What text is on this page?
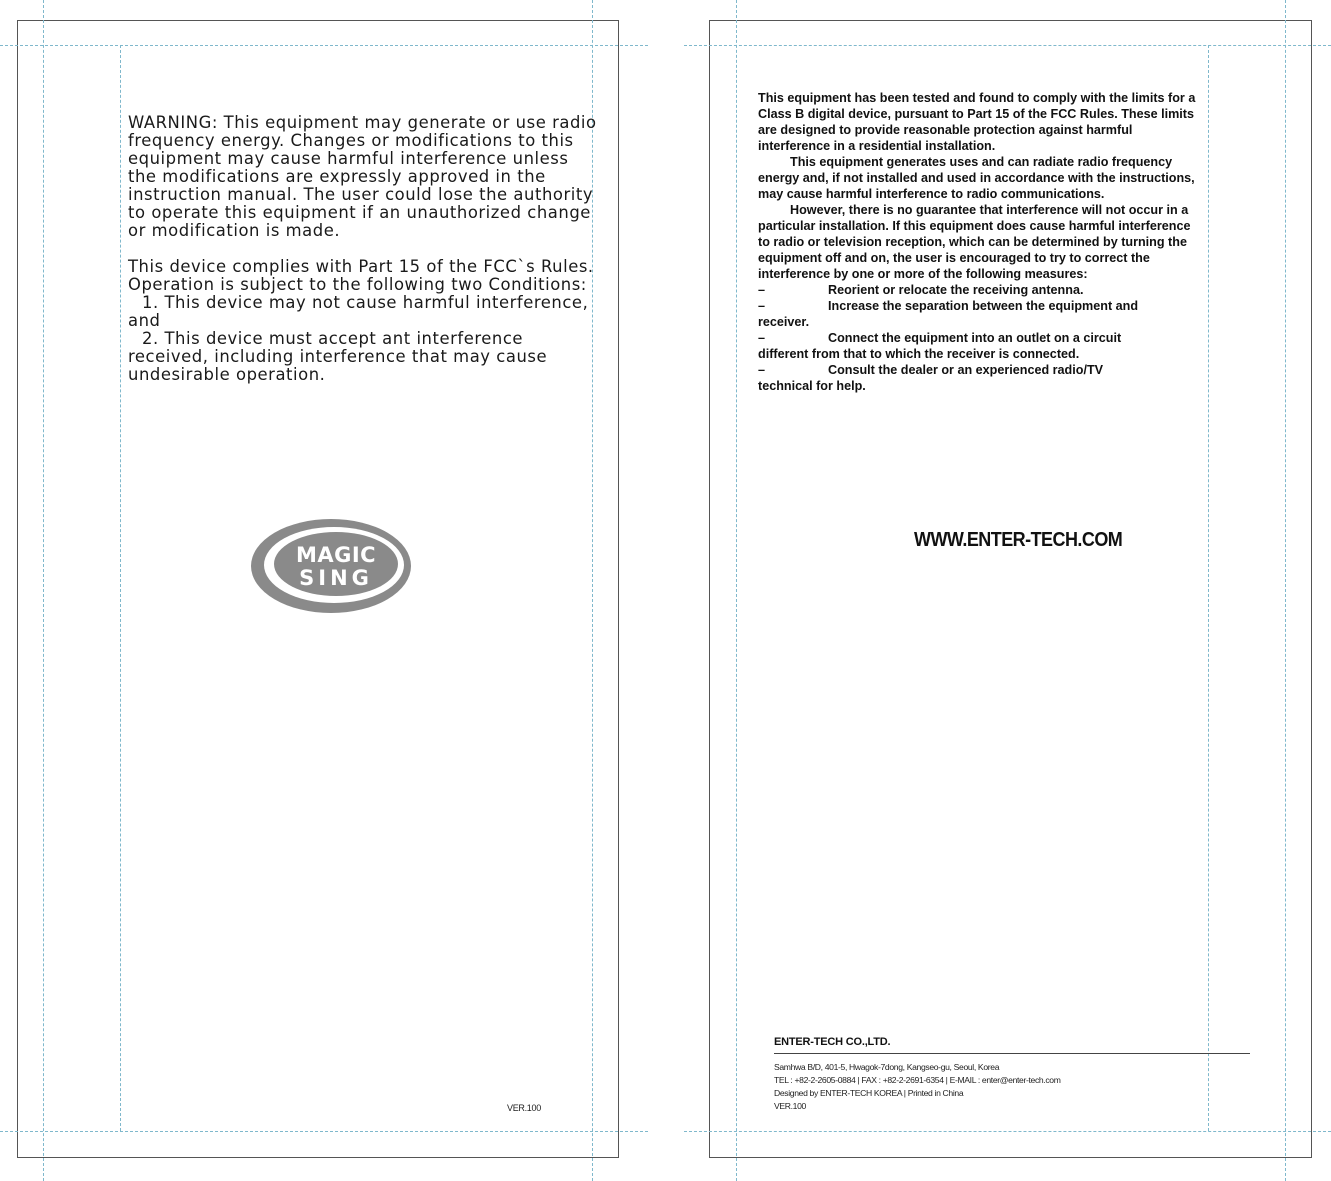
WARNING: This equipment may generate or use radio frequency energy. Changes or modifications to this equipment may cause harmful interference unless the modifications are expressly approved in the instruction manual. The user could lose the authority to operate this equipment if an unauthorized change or modification is made.

This device complies with Part 15 of the FCC`s Rules. Operation is subject to the following two Conditions:

1. This device may not cause harmful interference, and

2. This device must accept ant interference received, including interference that may cause undesirable operation.

MAGIC
SING
VER.100

This equipment has been tested and found to comply with the limits for a Class B digital device, pursuant to Part 15 of the FCC Rules. These limits are designed to provide reasonable protection against harmful interference in a residential installation.

This equipment generates uses and can radiate radio frequency energy and, if not installed and used in accordance with the instructions, may cause harmful interference to radio communications.

However, there is no guarantee that interference will not occur in a particular installation. If this equipment does cause harmful interference to radio or television reception, which can be determined by turning the equipment off and on, the user is encouraged to try to correct the interference by one or more of the following measures:

–	Reorient or relocate the receiving antenna.
–	Increase the separation between the equipment and
receiver.
–	Connect the equipment into an outlet on a circuit
different from that to which the receiver is connected.
–	Consult the dealer or an experienced radio/TV
technical for help.
WWW.ENTER-TECH.COM
ENTER-TECH CO.,LTD.
Samhwa B/D, 401-5, Hwagok-7dong, Kangseo-gu, Seoul, Korea
TEL : +82-2-2605-0884 | FAX : +82-2-2691-6354 | E-MAIL : enter@enter-tech.com
Designed by ENTER-TECH KOREA | Printed in China
VER.100
